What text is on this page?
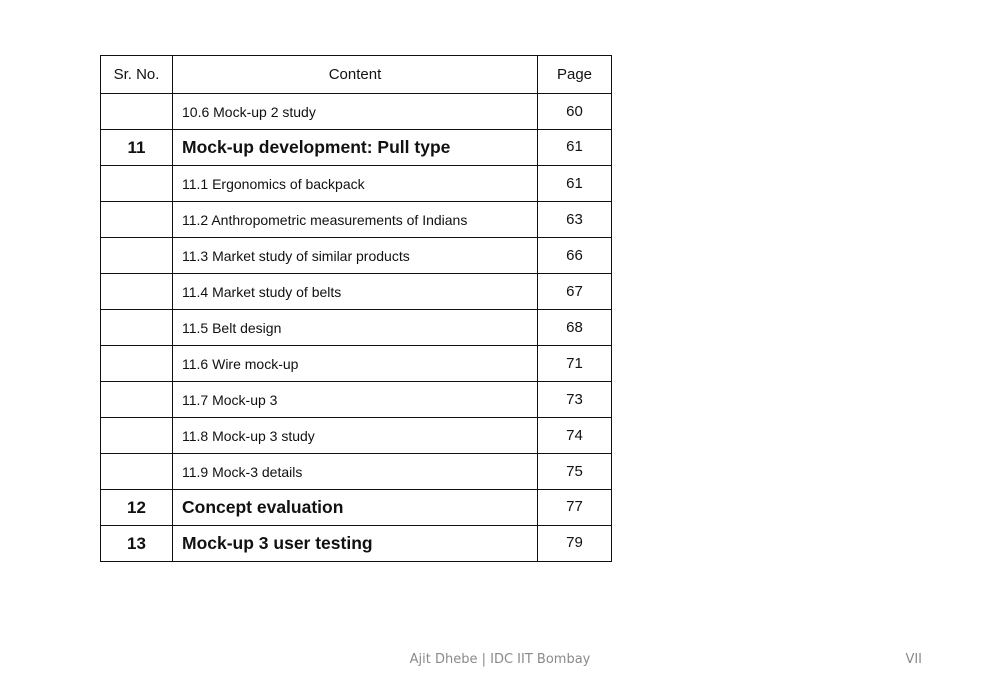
Sr. No.	Content	Page
	10.6 Mock-up 2 study	60
11	Mock-up development: Pull type	61
	11.1 Ergonomics of backpack	61
	11.2 Anthropometric measurements of Indians	63
	11.3 Market study of similar products	66
	11.4 Market study of belts	67
	11.5 Belt design	68
	11.6 Wire mock-up	71
	11.7 Mock-up 3	73
	11.8 Mock-up 3 study	74
	11.9 Mock-3 details	75
12	Concept evaluation	77
13	Mock-up 3 user testing	79
Ajit Dhebe | IDC IIT Bombay	VII
